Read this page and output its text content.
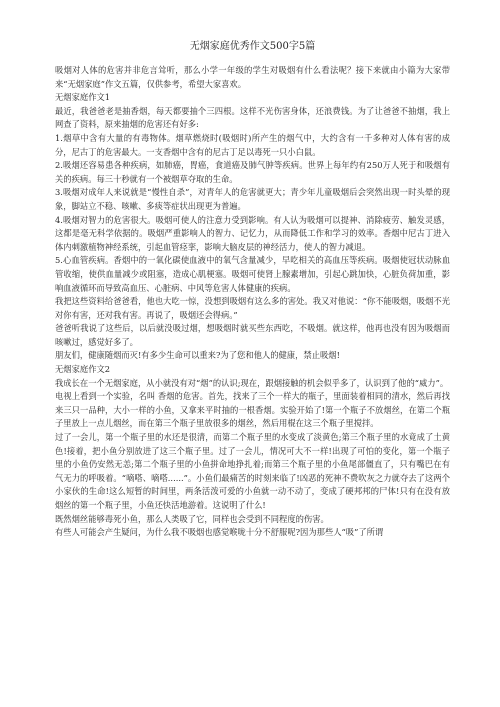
无烟家庭优秀作文500字5篇

吸烟对人体的危害并非危言耸听，那么小学一年级的学生对吸烟有什么看法呢？接下来就由小篇为大家带来“无烟家庭”作文五篇，仅供参考，希望大家喜欢。

无烟家庭作文1

最近，我爸爸老是抽香烟，每天都要抽个三四根。这样不光伤害身体，还浪费钱。为了让爸爸不抽烟，我上网查了资料，原来抽烟的危害还有好多:

1.烟草中含有大量的有毒物体。烟草燃烧时(吸烟时)所产生的烟气中，大约含有一千多种对人体有害的成分，尼古丁的危害最大。一支香烟中含有的尼古丁足以毒死一只小白鼠。

2.吸烟还容易患各种疾病，如肺癌，胃癌，食道癌及肺气肿等疾病。世界上每年约有250万人死于和吸烟有关的疾病。每三十秒就有一个被烟草夺取的生命。

3.吸烟对成年人来说就是“慢性自杀”，对青年人的危害就更大；青少年儿童吸烟后会突然出现一时头晕的现象，脚站立不稳、咳嗽、多痰等症状出现更为普遍。

4.吸烟对智力的危害很大。吸烟可使人的注意力受到影响。有人认为吸烟可以提神、消除疲劳、触发灵感，这都是毫无科学依据的。吸烟严重影响人的智力、记忆力，从而降低工作和学习的效率。香烟中尼古丁进入体内刺激植物神经系统，引起血管痉挛，影响大脑皮层的神经活力，使人的智力减退。

5.心血管疾病。香烟中的一氧化碳使血液中的氧气含量减少，早吃相关的高血压等疾病。吸烟使冠状动脉血管收缩，使供血量减少或阻塞，造成心肌梗塞。吸烟可使肾上腺素增加，引起心跳加快，心脏负荷加重，影响血液循环而导致高血压、心脏病、中风等危害人体健康的疾病。

我把这些资料给爸爸看，他也大吃一惊，没想到吸烟有这么多的害处。我又对他说：“你不能吸烟，吸烟不光对你有害，还对我有害。再说了，吸烟还会得病。”

爸爸听我说了这些后，以后就没吸过烟，想吸烟时就买些东西吃，不吸烟。就这样，他再也没有因为吸烟而咳嗽过，感觉好多了。

朋友们，健康随烟而灭!有多少生命可以重来?为了您和他人的健康，禁止吸烟!

无烟家庭作文2

我成长在一个无烟家庭，从小就没有对“烟”的认识;现在，跟烟接触的机会似乎多了，认识到了他的“威力”。

电视上看到一个实验，名叫 香烟的危害。首先，找来了三个一样大的瓶子，里面装着相同的清水，然后再找来三只一品种，大小一样的小鱼，又拿来平时抽的一根香烟。实验开始了!第一个瓶子不放烟丝，在第二个瓶子里放上一点儿烟丝，而在第三个瓶子里放很多的烟丝，然后用棍在这三个瓶子里搅拌。

过了一会儿，第一个瓶子里的水还是很清，而第二个瓶子里的水变成了淡黄色;第三个瓶子里的水竟成了土黄色!接着，把小鱼分别放进了这三个瓶子里。过了一会儿，情况可大不一样!出现了可怕的变化，第一个瓶子里的小鱼仍安然无恙;第二个瓶子里的小鱼拼命地挣扎着;而第三个瓶子里的小鱼尾部僵直了，只有嘴巴在有气无力的呼吸着。“嘀嗒、嘀嗒......”。小鱼们最痛苦的时刻来临了!凶恶的死神不费吹灰之力就夺去了这两个小家伙的生命!这么短暂的时间里，两条活泼可爱的小鱼就一动不动了，变成了硬邦邦的尸体!只有在没有放烟丝的第一个瓶子里，小鱼还快活地游着。这说明了什么!

既然烟丝能够毒死小鱼，那么人类吸了它，同样也会受到不同程度的伤害。

有些人可能会产生疑问，为什么我不吸烟也感觉喉咙十分不舒服呢?因为那些人“吸”了所谓
